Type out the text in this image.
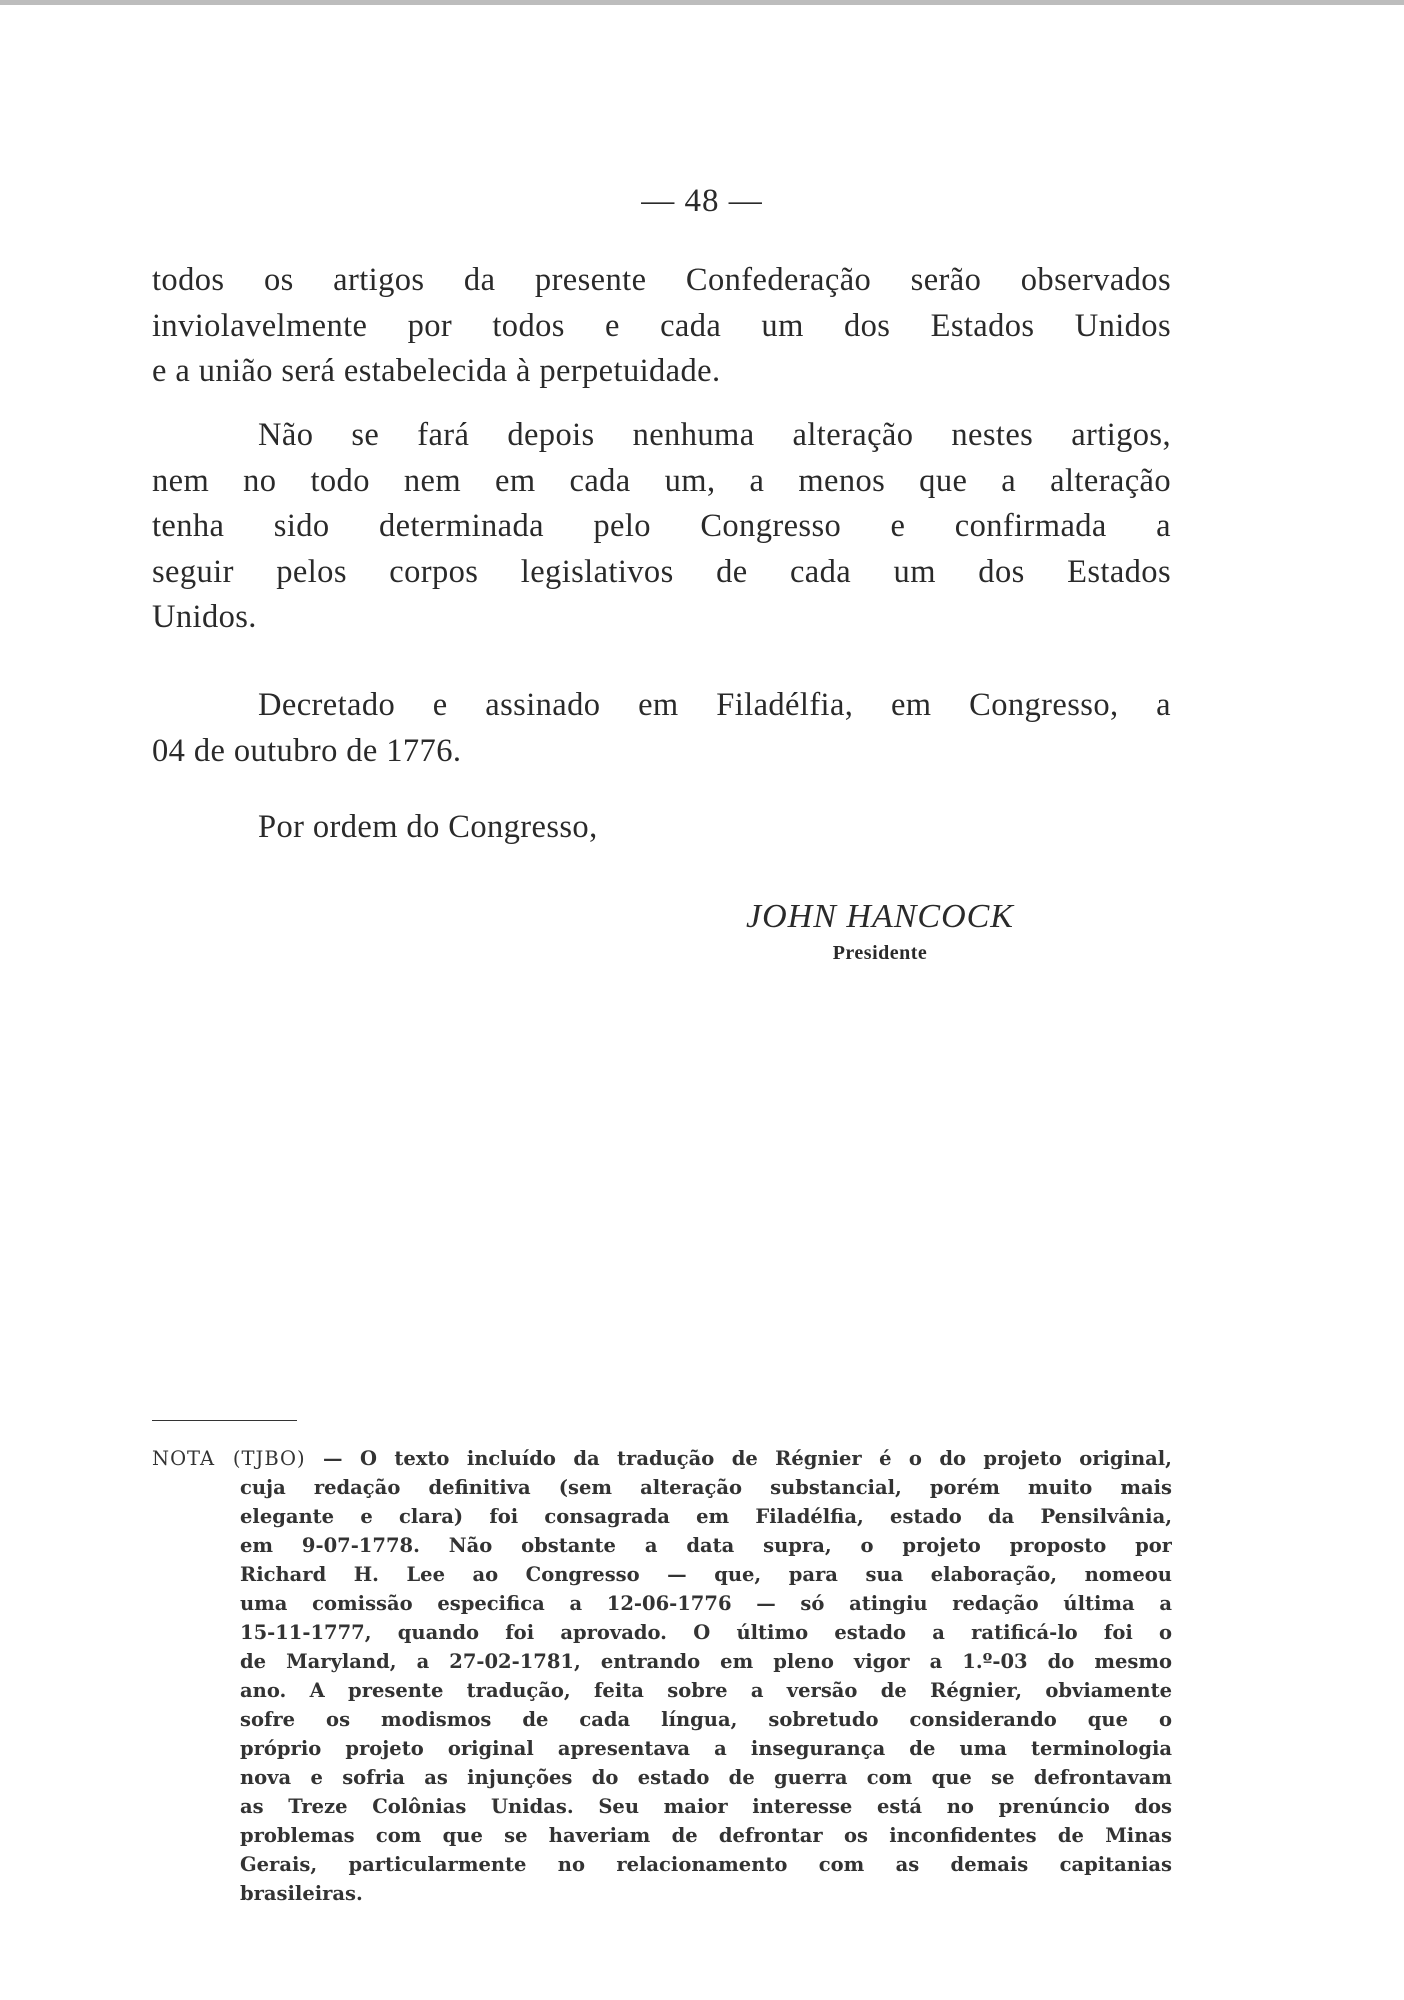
— 48 —
todos os artigos da presente Confederação serão observados
inviolavelmente por todos e cada um dos Estados Unidos
e a união será estabelecida à perpetuidade.
Não se fará depois nenhuma alteração nestes artigos,
nem no todo nem em cada um, a menos que a alteração
tenha sido determinada pelo Congresso e confirmada a
seguir pelos corpos legislativos de cada um dos Estados
Unidos.
Decretado e assinado em Filadélfia, em Congresso, a
04 de outubro de 1776.
Por ordem do Congresso,
JOHN HANCOCK
Presidente
NOTA (TJBO) — O texto incluído da tradução de Régnier é o do projeto original,
cuja redação definitiva (sem alteração substancial, porém muito mais
elegante e clara) foi consagrada em Filadélfia, estado da Pensilvânia,
em 9-07-1778. Não obstante a data supra, o projeto proposto por
Richard H. Lee ao Congresso — que, para sua elaboração, nomeou
uma comissão especifica a 12-06-1776 — só atingiu redação última a
15-11-1777, quando foi aprovado. O último estado a ratificá-lo foi o
de Maryland, a 27-02-1781, entrando em pleno vigor a 1.º-03 do mesmo
ano. A presente tradução, feita sobre a versão de Régnier, obviamente
sofre os modismos de cada língua, sobretudo considerando que o
próprio projeto original apresentava a insegurança de uma terminologia
nova e sofria as injunções do estado de guerra com que se defrontavam
as Treze Colônias Unidas. Seu maior interesse está no prenúncio dos
problemas com que se haveriam de defrontar os inconfidentes de Minas
Gerais, particularmente no relacionamento com as demais capitanias
brasileiras.
